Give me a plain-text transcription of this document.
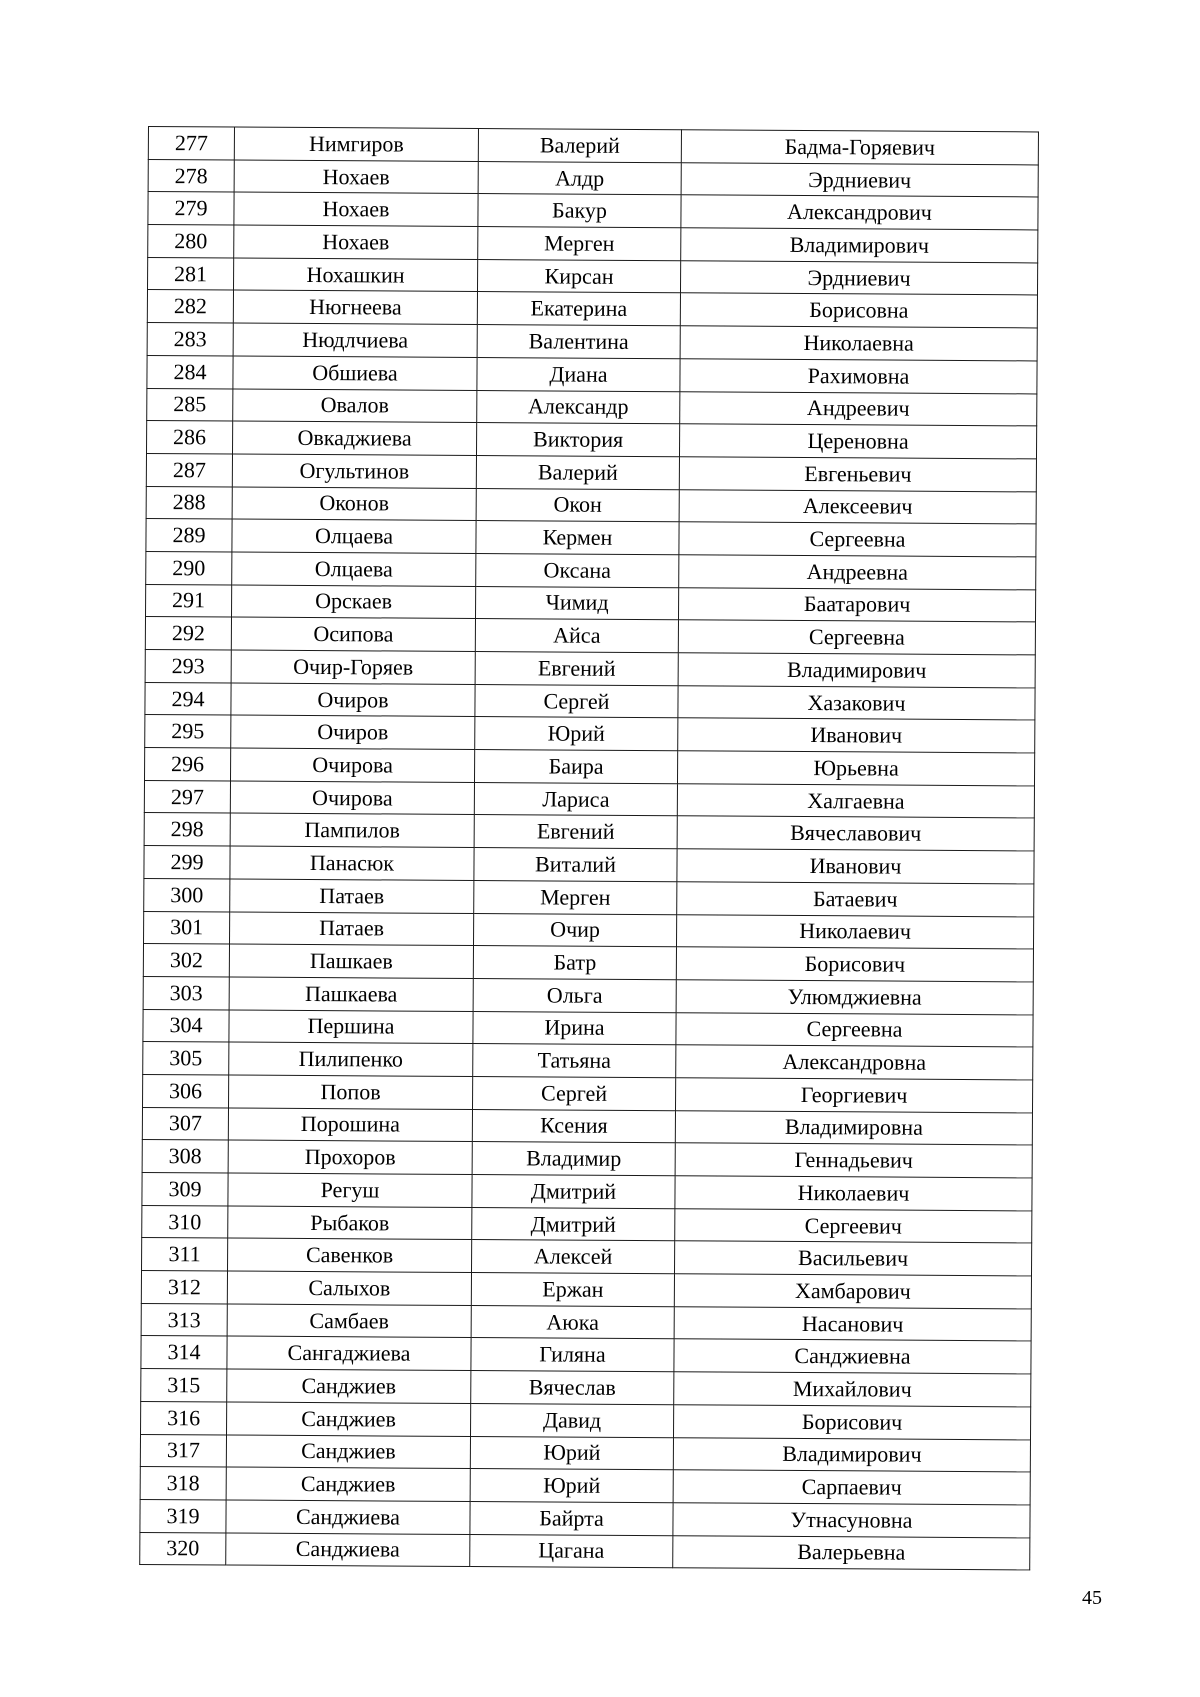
277	Нимгиров	Валерий	Бадма-Горяевич
278	Нохаев	Алдр	Эрдниевич
279	Нохаев	Бакур	Александрович
280	Нохаев	Мерген	Владимирович
281	Нохашкин	Кирсан	Эрдниевич
282	Нюгнеева	Екатерина	Борисовна
283	Нюдлчиева	Валентина	Николаевна
284	Обшиева	Диана	Рахимовна
285	Овалов	Александр	Андреевич
286	Овкаджиева	Виктория	Цереновна
287	Огультинов	Валерий	Евгеньевич
288	Оконов	Окон	Алексеевич
289	Олцаева	Кермен	Сергеевна
290	Олцаева	Оксана	Андреевна
291	Орскаев	Чимид	Баатарович
292	Осипова	Айса	Сергеевна
293	Очир-Горяев	Евгений	Владимирович
294	Очиров	Сергей	Хазакович
295	Очиров	Юрий	Иванович
296	Очирова	Баира	Юрьевна
297	Очирова	Лариса	Халгаевна
298	Пампилов	Евгений	Вячеславович
299	Панасюк	Виталий	Иванович
300	Патаев	Мерген	Батаевич
301	Патаев	Очир	Николаевич
302	Пашкаев	Батр	Борисович
303	Пашкаева	Ольга	Улюмджиевна
304	Першина	Ирина	Сергеевна
305	Пилипенко	Татьяна	Александровна
306	Попов	Сергей	Георгиевич
307	Порошина	Ксения	Владимировна
308	Прохоров	Владимир	Геннадьевич
309	Регуш	Дмитрий	Николаевич
310	Рыбаков	Дмитрий	Сергеевич
311	Савенков	Алексей	Васильевич
312	Салыхов	Ержан	Хамбарович
313	Самбаев	Аюка	Насанович
314	Сангаджиева	Гиляна	Санджиевна
315	Санджиев	Вячеслав	Михайлович
316	Санджиев	Давид	Борисович
317	Санджиев	Юрий	Владимирович
318	Санджиев	Юрий	Сарпаевич
319	Санджиева	Байрта	Утнасуновна
320	Санджиева	Цагана	Валерьевна
45
